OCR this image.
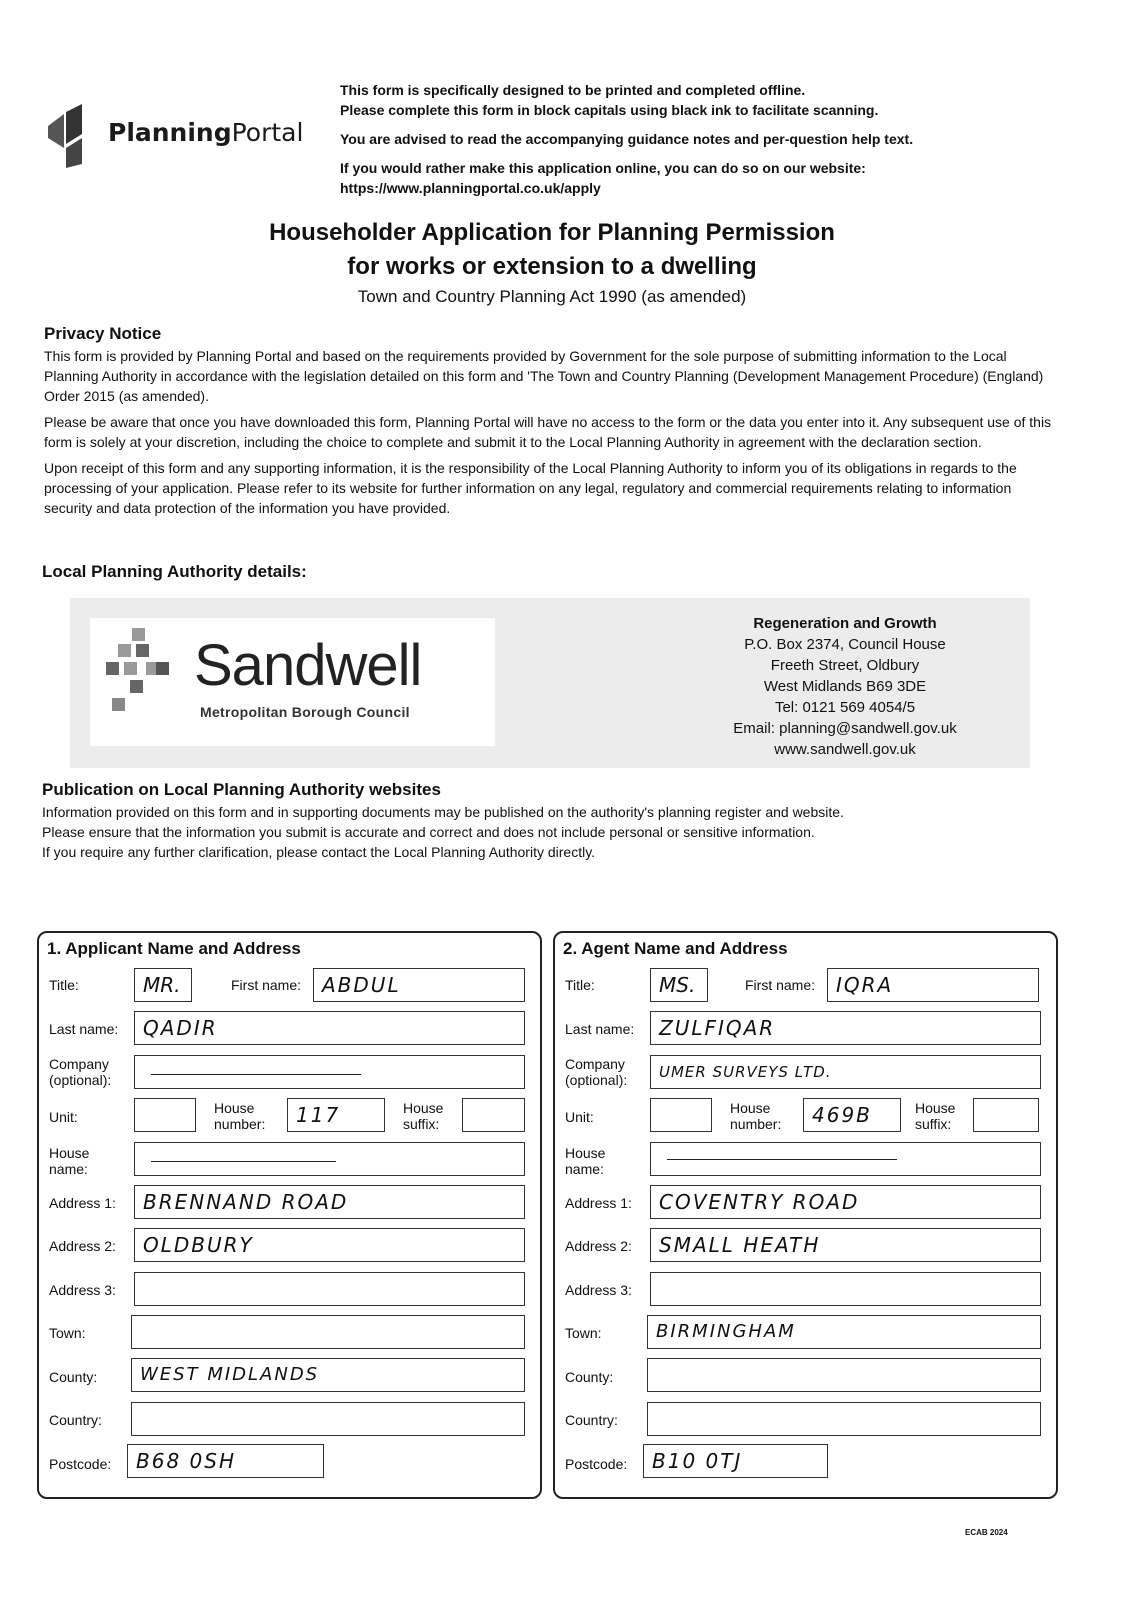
PlanningPortal
This form is specifically designed to be printed and completed offline.
Please complete this form in block capitals using black ink to facilitate scanning.
You are advised to read the accompanying guidance notes and per-question help text.
If you would rather make this application online, you can do so on our website:
https://www.planningportal.co.uk/apply
Householder Application for Planning Permission
for works or extension to a dwelling
Town and Country Planning Act 1990 (as amended)
Privacy Notice

This form is provided by Planning Portal and based on the requirements provided by Government for the sole purpose of submitting information to the Local Planning Authority in accordance with the legislation detailed on this form and 'The Town and Country Planning (Development Management Procedure) (England) Order 2015 (as amended).

Please be aware that once you have downloaded this form, Planning Portal will have no access to the form or the data you enter into it. Any subsequent use of this form is solely at your discretion, including the choice to complete and submit it to the Local Planning Authority in agreement with the declaration section.

Upon receipt of this form and any supporting information, it is the responsibility of the Local Planning Authority to inform you of its obligations in regards to the processing of your application. Please refer to its website for further information on any legal, regulatory and commercial requirements relating to information security and data protection of the information you have provided.

Local Planning Authority details:
Sandwell
Metropolitan Borough Council
Regeneration and Growth
P.O. Box 2374, Council House
Freeth Street, Oldbury
West Midlands B69 3DE
Tel: 0121 569 4054/5
Email: planning@sandwell.gov.uk
www.sandwell.gov.uk
Publication on Local Planning Authority websites
Information provided on this form and in supporting documents may be published on the authority's planning register and website.
Please ensure that the information you submit is accurate and correct and does not include personal or sensitive information.
If you require any further clarification, please contact the Local Planning Authority directly.
1. Applicant Name and Address
Title:	MR.	First name:	ABDUL
Last name:	QADIR
Company
(optional):
Unit:
House
number:	117	House
suffix:
House
name:
Address 1:	BRENNAND ROAD
Address 2:	OLDBURY
Address 3:
Town:
County:	WEST MIDLANDS
Country:
Postcode:	B68 0SH
2. Agent Name and Address
Title:	MS.	First name:	IQRA
Last name:	ZULFIQAR
Company
(optional):	UMER SURVEYS LTD.
Unit:
House
number:	469B	House
suffix:
House
name:
Address 1:	COVENTRY ROAD
Address 2:	SMALL HEATH
Address 3:
Town:	BIRMINGHAM
County:
Country:
Postcode:	B10 0TJ
ECAB 2024
